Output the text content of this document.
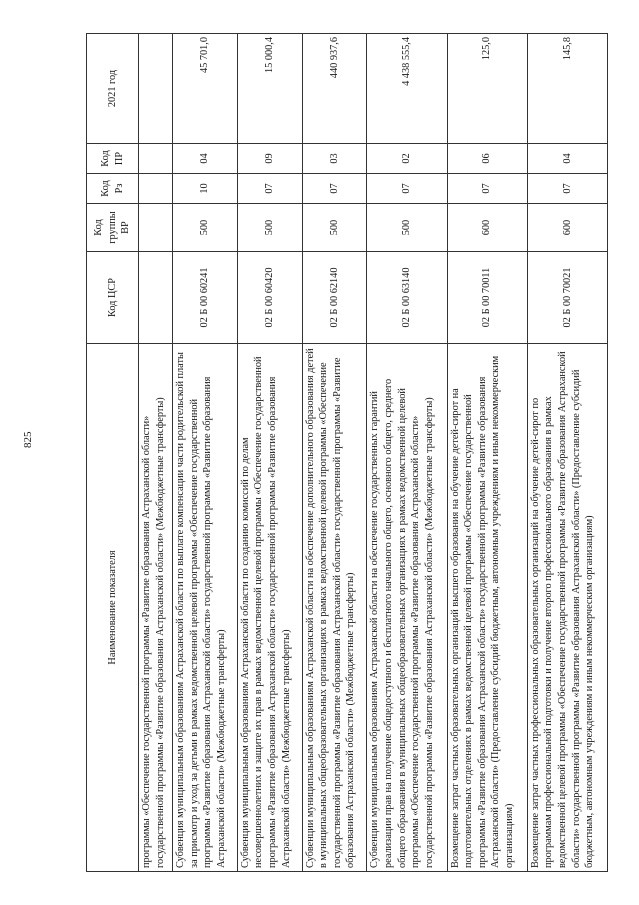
825
Наименование показателя	Код ЦСР	Код группы ВР	Код Рз	Код ПР	2021 год
программы «Обеспечение государственной программы «Развитие образования Астраханской области» государственной программы «Развитие образования Астраханской области» (Межбюджетные трансферты)					
Субвенция муниципальным образованиям Астраханской области по выплате компенсации части родительской платы за присмотр и уход за детьми в рамках ведомственной целевой программы «Обеспечение государственной программы «Развитие образования Астраханской области» государственной программы «Развитие образования Астраханской области» (Межбюджетные трансферты)	02 Б 00 60241	500	10	04	45 701,0
Субвенция муниципальным образованиям Астраханской области по созданию комиссий по делам несовершеннолетних и защите их прав в рамках ведомственной целевой программы «Обеспечение государственной программы «Развитие образования Астраханской области» государственной программы «Развитие образования Астраханской области» (Межбюджетные трансферты)	02 Б 00 60420	500	07	09	15 000,4
Субвенции муниципальным образованиям Астраханской области на обеспечение дополнительного образования детей в муниципальных общеобразовательных организациях в рамках ведомственной целевой программы «Обеспечение государственной программы «Развитие образования Астраханской области» государственной программы «Развитие образования Астраханской области» (Межбюджетные трансферты)	02 Б 00 62140	500	07	03	440 937,6
Субвенции муниципальным образованиям Астраханской области на обеспечение государственных гарантий реализации прав на получение общедоступного и бесплатного начального общего, основного общего, среднего общего образования в муниципальных общеобразовательных организациях в рамках ведомственной целевой программы «Обеспечение государственной программы «Развитие образования Астраханской области» государственной программы «Развитие образования Астраханской области» (Межбюджетные трансферты)	02 Б 00 63140	500	07	02	4 438 555,4
Возмещение затрат частных образовательных организаций высшего образования на обучение детей-сирот на подготовительных отделениях в рамках ведомственной целевой программы «Обеспечение государственной программы «Развитие образования Астраханской области» государственной программы «Развитие образования Астраханской области» (Предоставление субсидий бюджетным, автономным учреждениям и иным некоммерческим организациям)	02 Б 00 70011	600	07	06	125,0
Возмещение затрат частных профессиональных образовательных организаций на обучение детей-сирот по программам профессиональной подготовки и получение второго профессионального образования в рамках ведомственной целевой программы «Обеспечение государственной программы «Развитие образования Астраханской области» государственной программы «Развитие образования Астраханской области» (Предоставление субсидий бюджетным, автономным учреждениям и иным некоммерческим организациям)	02 Б 00 70021	600	07	04	145,8
